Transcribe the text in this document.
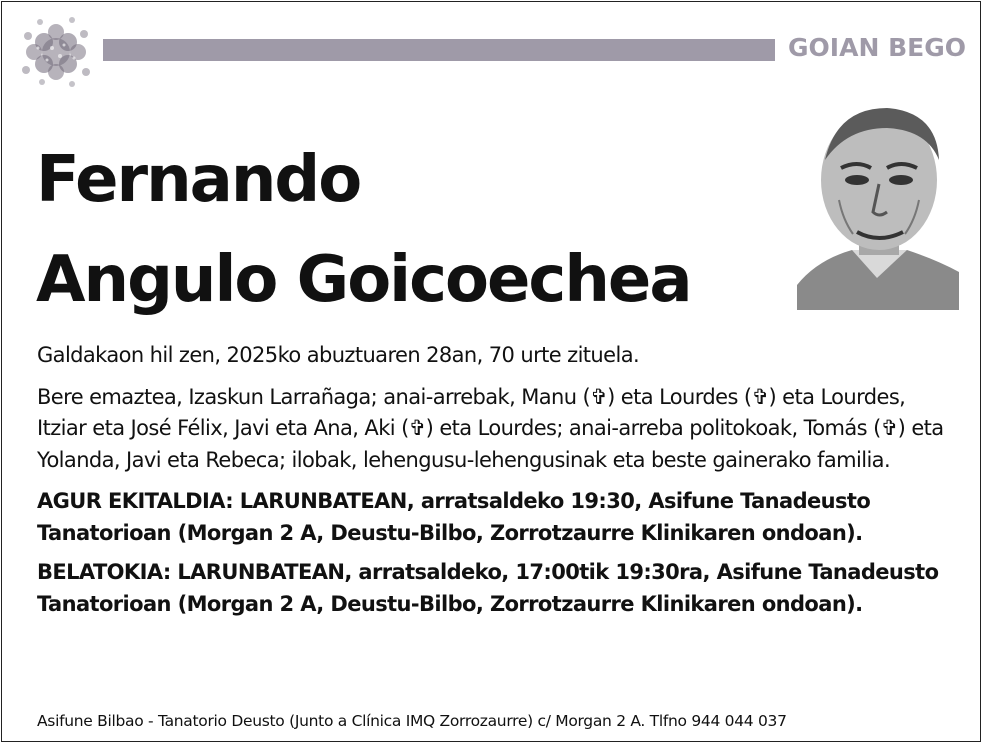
GOIAN BEGO
Fernando
Angulo Goicoechea

Galdakaon hil zen, 2025ko abuztuaren 28an, 70 urte zituela.

Bere emaztea, Izaskun Larrañaga; anai-arrebak, Manu (✞) eta Lourdes (✞) eta Lourdes, Itziar eta José Félix, Javi eta Ana, Aki (✞) eta Lourdes; anai-arreba politokoak, Tomás (✞) eta Yolanda, Javi eta Rebeca; ilobak, lehengusu-lehengusinak eta beste gainerako familia.

AGUR EKITALDIA: LARUNBATEAN, arratsaldeko 19:30, Asifune Tanadeusto Tanatorioan (Morgan 2 A, Deustu-Bilbo, Zorrotzaurre Klinikaren ondoan).

BELATOKIA: LARUNBATEAN, arratsaldeko, 17:00tik 19:30ra, Asifune Tanadeusto Tanatorioan (Morgan 2 A, Deustu-Bilbo, Zorrotzaurre Klinikaren ondoan).

Asifune Bilbao - Tanatorio Deusto (Junto a Clínica IMQ Zorrozaurre) c/ Morgan 2 A. Tlfno 944 044 037
